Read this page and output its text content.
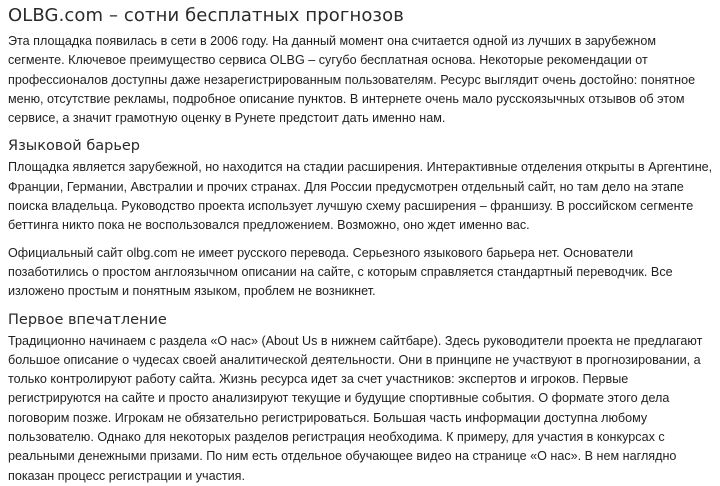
OLBG.com – сотни бесплатных прогнозов

Эта площадка появилась в сети в 2006 году. На данный момент она считается одной из лучших в зарубежном сегменте. Ключевое преимущество сервиса OLBG – сугубо бесплатная основа. Некоторые рекомендации от профессионалов доступны даже незарегистрированным пользователям. Ресурс выглядит очень достойно: понятное меню, отсутствие рекламы, подробное описание пунктов. В интернете очень мало русскоязычных отзывов об этом сервисе, а значит грамотную оценку в Рунете предстоит дать именно нам.

Языковой барьер

Площадка является зарубежной, но находится на стадии расширения. Интерактивные отделения открыты в Аргентине, Франции, Германии, Австралии и прочих странах. Для России предусмотрен отдельный сайт, но там дело на этапе поиска владельца. Руководство проекта использует лучшую схему расширения – франшизу. В российском сегменте беттинга никто пока не воспользовался предложением. Возможно, оно ждет именно вас.

Официальный сайт olbg.com не имеет русского перевода. Серьезного языкового барьера нет. Основатели позаботились о простом англоязычном описании на сайте, с которым справляется стандартный переводчик. Все изложено простым и понятным языком, проблем не возникнет.

Первое впечатление

Традиционно начинаем с раздела «О нас» (About Us в нижнем сайтбаре). Здесь руководители проекта не предлагают большое описание о чудесах своей аналитической деятельности. Они в принципе не участвуют в прогнозировании, а только контролируют работу сайта. Жизнь ресурса идет за счет участников: экспертов и игроков. Первые регистрируются на сайте и просто анализируют текущие и будущие спортивные события. О формате этого дела поговорим позже. Игрокам не обязательно регистрироваться. Большая часть информации доступна любому пользователю. Однако для некоторых разделов регистрация необходима. К примеру, для участия в конкурсах с реальными денежными призами. По ним есть отдельное обучающее видео на странице «О нас». В нем наглядно показан процесс регистрации и участия.
